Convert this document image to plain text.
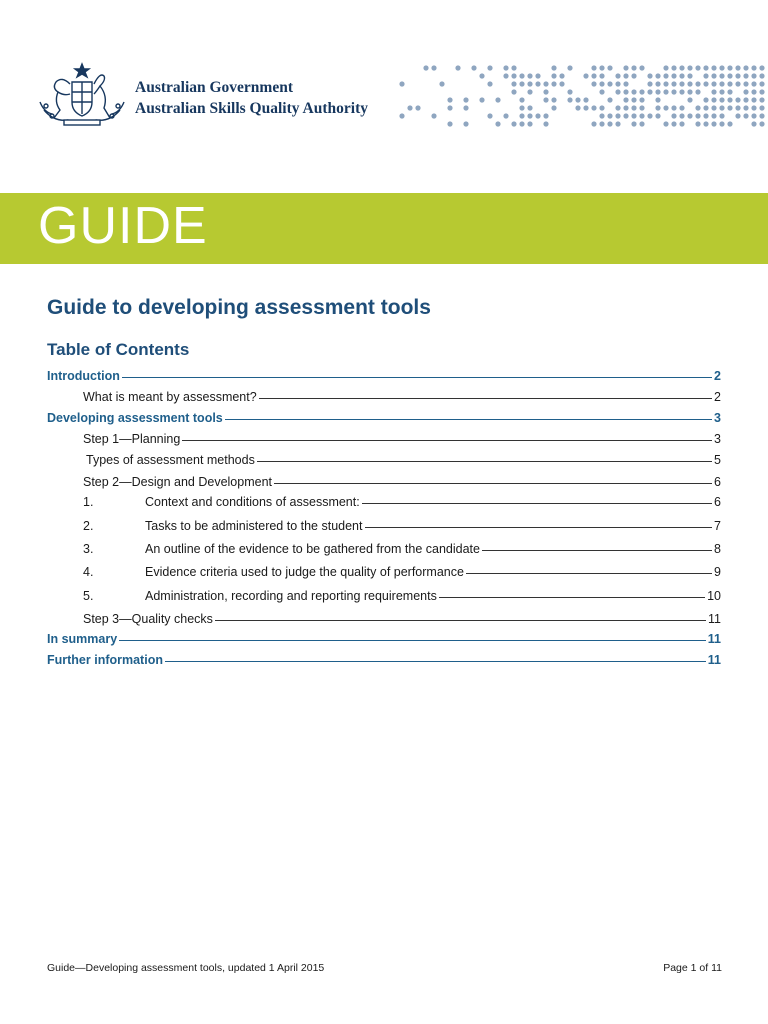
Australian Government
Australian Skills Quality Authority
GUIDE
Guide to developing assessment tools
Table of Contents
Introduction	2
What is meant by assessment?	2
Developing assessment tools	3
Step 1—Planning	3
Types of assessment methods	5
Step 2—Design and Development	6
1.	Context and conditions of assessment:	6
2.	Tasks to be administered to the student	7
3.	An outline of the evidence to be gathered from the candidate	8
4.	Evidence criteria used to judge the quality of performance	9
5.	Administration, recording and reporting requirements	10
Step 3—Quality checks	11
In summary	11
Further information	11
Guide—Developing assessment tools, updated 1 April 2015	Page 1 of 11
